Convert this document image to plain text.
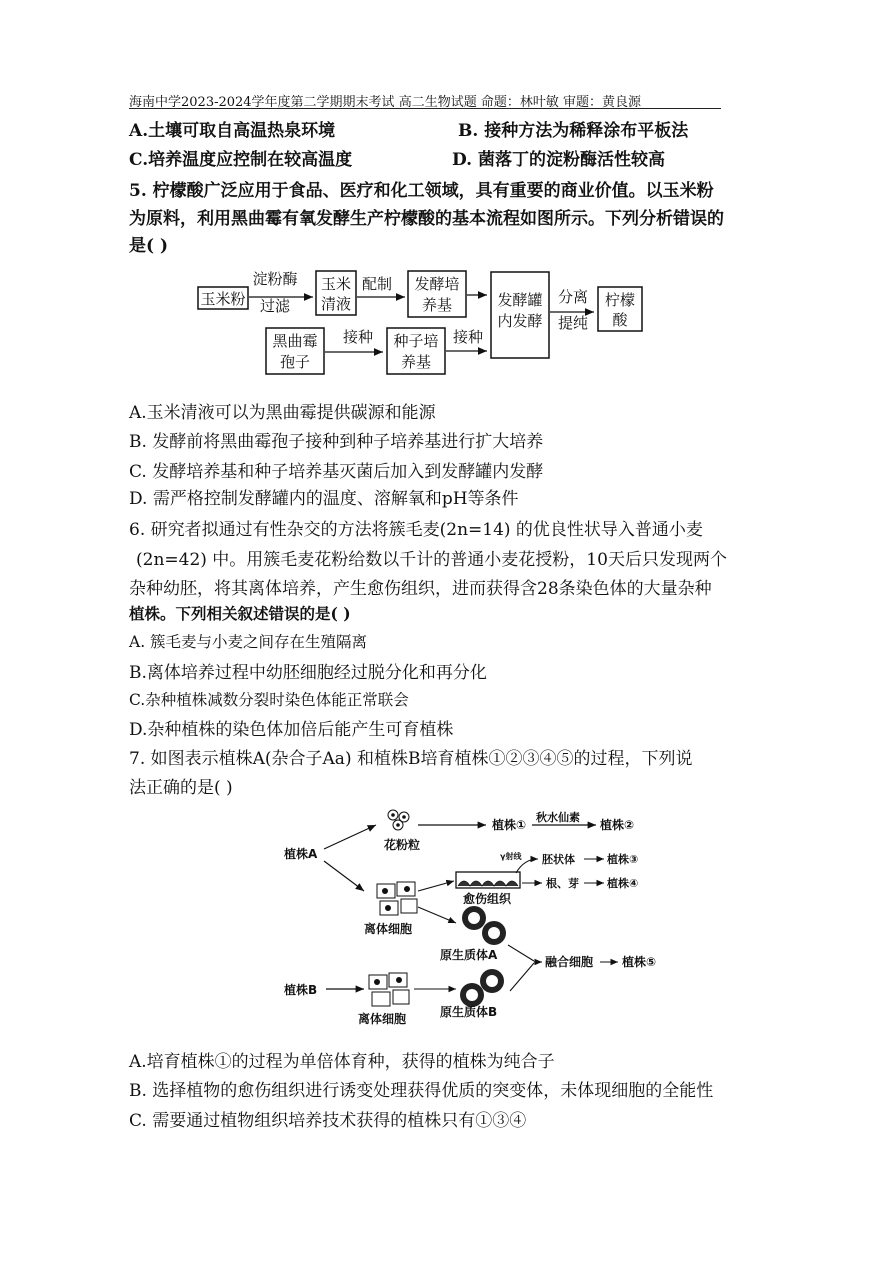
海南中学2023-2024学年度第二学期期末考试 高二生物试题 命题：林叶敏 审题：黄良源
A.土壤可取自高温热泉环境	B. 接种方法为稀释涂布平板法
C.培养温度应控制在较高温度	D. 菌落丁的淀粉酶活性较高
5. 柠檬酸广泛应用于食品、医疗和化工领域，具有重要的商业价值。以玉米粉
为原料，利用黑曲霉有氧发酵生产柠檬酸的基本流程如图所示。下列分析错误的
是( )
玉米粉
淀粉酶
过滤
玉米
清液
配制 发酵培
养基	发酵罐
内发酵
分离
提纯
柠檬
酸
黑曲霉
孢子
接种 种子培
养基
接种
A.玉米清液可以为黑曲霉提供碳源和能源
B. 发酵前将黑曲霉孢子接种到种子培养基进行扩大培养
C. 发酵培养基和种子培养基灭菌后加入到发酵罐内发酵
D. 需严格控制发酵罐内的温度、溶解氧和pH等条件
6. 研究者拟通过有性杂交的方法将簇毛麦(2n=14) 的优良性状导入普通小麦
(2n=42) 中。用簇毛麦花粉给数以千计的普通小麦花授粉，10天后只发现两个
杂种幼胚，将其离体培养，产生愈伤组织，进而获得含28条染色体的大量杂种
植株。下列相关叙述错误的是( )
A. 簇毛麦与小麦之间存在生殖隔离
B.离体培养过程中幼胚细胞经过脱分化和再分化
C.杂种植株减数分裂时染色体能正常联会
D.杂种植株的染色体加倍后能产生可育植株
7. 如图表示植株A(杂合子Aa) 和植株B培育植株①②③④⑤的过程，下列说
法正确的是( )
植株A
花粉粒
植株①
秋水仙素
植株②
愈伤组织
γ射线 胚状体	植株③
根、芽	植株④
离体细胞
原生质体A	融合细胞 植株⑤
植株B
离体细胞	原生质体B
A.培育植株①的过程为单倍体育种，获得的植株为纯合子
B. 选择植物的愈伤组织进行诱变处理获得优质的突变体，未体现细胞的全能性
C. 需要通过植物组织培养技术获得的植株只有①③④
